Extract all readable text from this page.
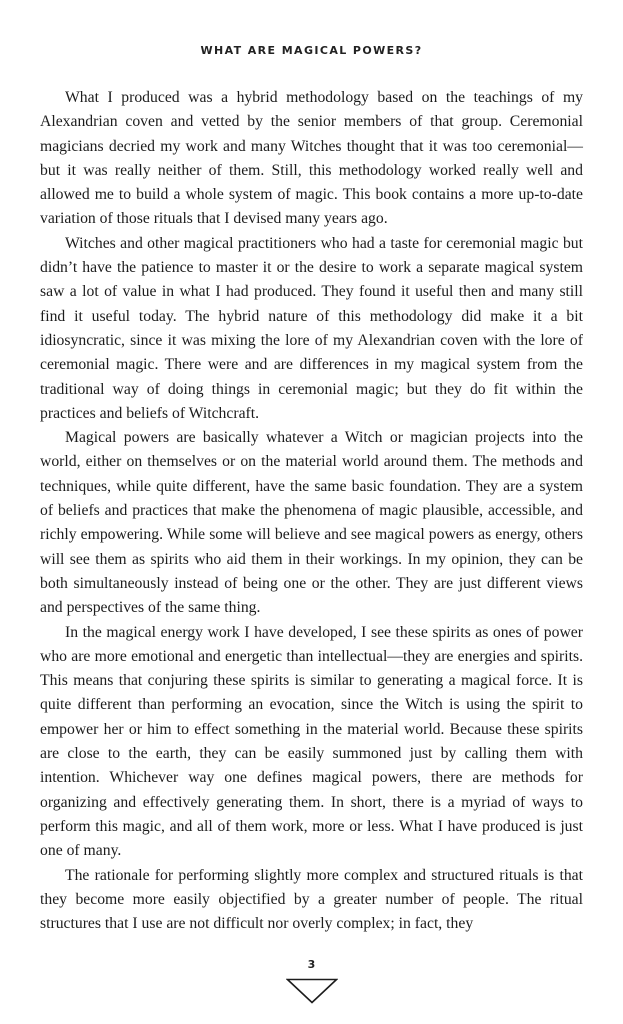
WHAT ARE MAGICAL POWERS?

What I produced was a hybrid methodology based on the teachings of my Alexandrian coven and vetted by the senior members of that group. Ceremonial magicians decried my work and many Witches thought that it was too ceremonial—but it was really neither of them. Still, this methodology worked really well and allowed me to build a whole system of magic. This book contains a more up-to-date variation of those rituals that I devised many years ago.

Witches and other magical practitioners who had a taste for ceremonial magic but didn’t have the patience to master it or the desire to work a separate magical system saw a lot of value in what I had produced. They found it useful then and many still find it useful today. The hybrid nature of this methodology did make it a bit idiosyncratic, since it was mixing the lore of my Alexandrian coven with the lore of ceremonial magic. There were and are differences in my magical system from the traditional way of doing things in ceremonial magic; but they do fit within the practices and beliefs of Witchcraft.

Magical powers are basically whatever a Witch or magician projects into the world, either on themselves or on the material world around them. The methods and techniques, while quite different, have the same basic foundation. They are a system of beliefs and practices that make the phenomena of magic plausible, accessible, and richly empowering. While some will believe and see magical powers as energy, others will see them as spirits who aid them in their workings. In my opinion, they can be both simultaneously instead of being one or the other. They are just different views and perspectives of the same thing.

In the magical energy work I have developed, I see these spirits as ones of power who are more emotional and energetic than intellectual—they are energies and spirits. This means that conjuring these spirits is similar to generating a magical force. It is quite different than performing an evocation, since the Witch is using the spirit to empower her or him to effect something in the material world. Because these spirits are close to the earth, they can be easily summoned just by calling them with intention. Whichever way one defines magical powers, there are methods for organizing and effectively generating them. In short, there is a myriad of ways to perform this magic, and all of them work, more or less. What I have produced is just one of many.

The rationale for performing slightly more complex and structured rituals is that they become more easily objectified by a greater number of people. The ritual structures that I use are not difficult nor overly complex; in fact, they

3
